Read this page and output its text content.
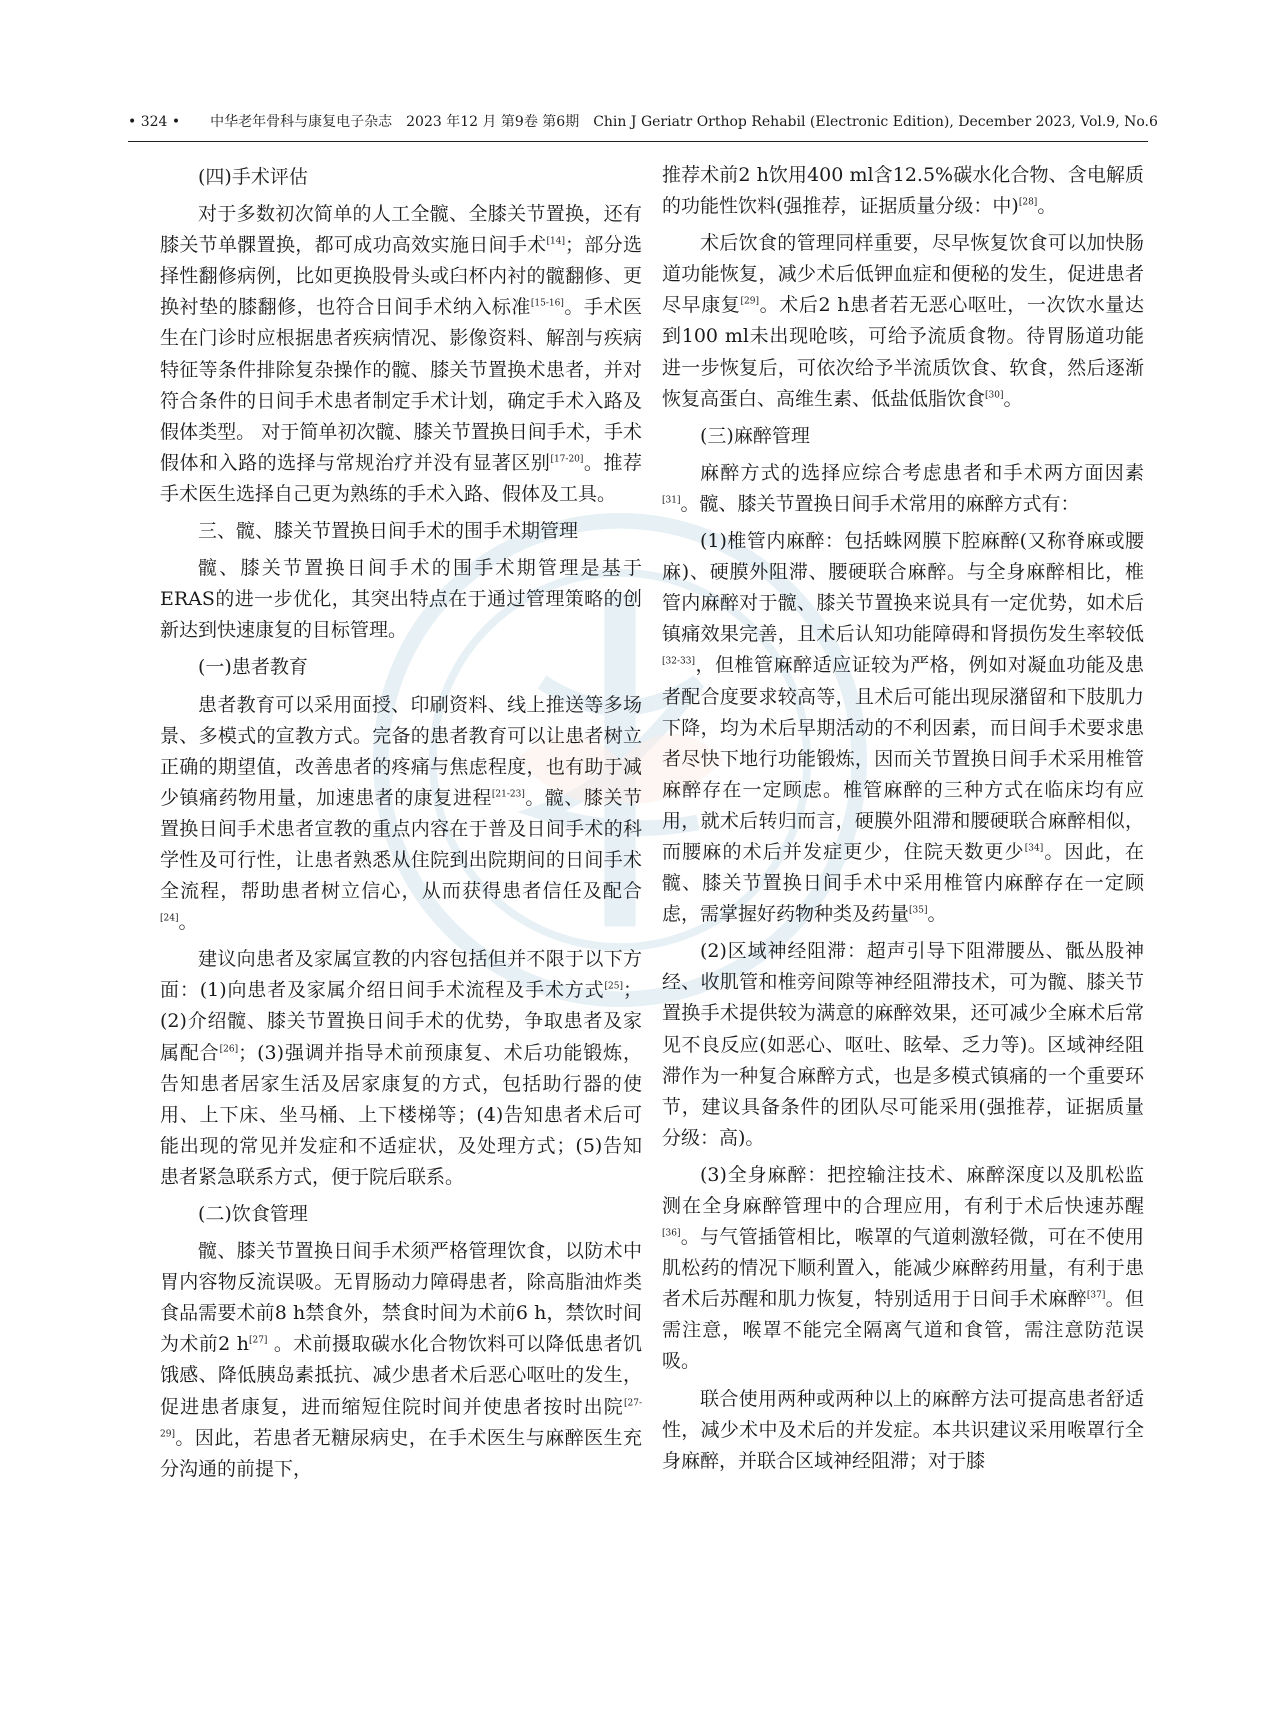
• 324 • 中华老年骨科与康复电子杂志 2023 年12 月 第9卷 第6期 Chin J Geriatr Orthop Rehabil (Electronic Edition), December 2023, Vol.9, No.6

(四)手术评估

对于多数初次简单的人工全髋、全膝关节置换，还有膝关节单髁置换，都可成功高效实施日间手术[14]；部分选择性翻修病例，比如更换股骨头或臼杯内衬的髋翻修、更换衬垫的膝翻修，也符合日间手术纳入标准[15-16]。手术医生在门诊时应根据患者疾病情况、影像资料、解剖与疾病特征等条件排除复杂操作的髋、膝关节置换术患者，并对符合条件的日间手术患者制定手术计划，确定手术入路及假体类型。 对于简单初次髋、膝关节置换日间手术，手术假体和入路的选择与常规治疗并没有显著区别[17-20]。推荐手术医生选择自己更为熟练的手术入路、假体及工具。

三、髋、膝关节置换日间手术的围手术期管理

髋、膝关节置换日间手术的围手术期管理是基于ERAS的进一步优化，其突出特点在于通过管理策略的创新达到快速康复的目标管理。

(一)患者教育

患者教育可以采用面授、印刷资料、线上推送等多场景、多模式的宣教方式。完备的患者教育可以让患者树立正确的期望值，改善患者的疼痛与焦虑程度，也有助于减少镇痛药物用量，加速患者的康复进程[21-23]。髋、膝关节置换日间手术患者宣教的重点内容在于普及日间手术的科学性及可行性，让患者熟悉从住院到出院期间的日间手术全流程，帮助患者树立信心，从而获得患者信任及配合[24]。

建议向患者及家属宣教的内容包括但并不限于以下方面：(1)向患者及家属介绍日间手术流程及手术方式[25]；(2)介绍髋、膝关节置换日间手术的优势，争取患者及家属配合[26]；(3)强调并指导术前预康复、术后功能锻炼，告知患者居家生活及居家康复的方式，包括助行器的使用、上下床、坐马桶、上下楼梯等；(4)告知患者术后可能出现的常见并发症和不适症状，及处理方式；(5)告知患者紧急联系方式，便于院后联系。

(二)饮食管理

髋、膝关节置换日间手术须严格管理饮食，以防术中胃内容物反流误吸。无胃肠动力障碍患者，除高脂油炸类食品需要术前8 h禁食外，禁食时间为术前6 h，禁饮时间为术前2 h[27] 。术前摄取碳水化合物饮料可以降低患者饥饿感、降低胰岛素抵抗、减少患者术后恶心呕吐的发生，促进患者康复，进而缩短住院时间并使患者按时出院[27-29]。因此，若患者无糖尿病史，在手术医生与麻醉医生充分沟通的前提下，

推荐术前2 h饮用400 ml含12.5%碳水化合物、含电解质的功能性饮料(强推荐，证据质量分级：中)[28]。

术后饮食的管理同样重要，尽早恢复饮食可以加快肠道功能恢复，减少术后低钾血症和便秘的发生，促进患者尽早康复[29]。术后2 h患者若无恶心呕吐，一次饮水量达到100 ml未出现呛咳，可给予流质食物。待胃肠道功能进一步恢复后，可依次给予半流质饮食、软食，然后逐渐恢复高蛋白、高维生素、低盐低脂饮食[30]。

(三)麻醉管理

麻醉方式的选择应综合考虑患者和手术两方面因素[31]。髋、膝关节置换日间手术常用的麻醉方式有：

(1)椎管内麻醉：包括蛛网膜下腔麻醉(又称脊麻或腰麻)、硬膜外阻滞、腰硬联合麻醉。与全身麻醉相比，椎管内麻醉对于髋、膝关节置换来说具有一定优势，如术后镇痛效果完善，且术后认知功能障碍和肾损伤发生率较低[32-33]，但椎管麻醉适应证较为严格，例如对凝血功能及患者配合度要求较高等，且术后可能出现尿潴留和下肢肌力下降，均为术后早期活动的不利因素，而日间手术要求患者尽快下地行功能锻炼，因而关节置换日间手术采用椎管麻醉存在一定顾虑。椎管麻醉的三种方式在临床均有应用，就术后转归而言，硬膜外阻滞和腰硬联合麻醉相似，而腰麻的术后并发症更少，住院天数更少[34]。因此，在髋、膝关节置换日间手术中采用椎管内麻醉存在一定顾虑，需掌握好药物种类及药量[35]。

(2)区域神经阻滞：超声引导下阻滞腰丛、骶丛股神经、收肌管和椎旁间隙等神经阻滞技术，可为髋、膝关节置换手术提供较为满意的麻醉效果，还可减少全麻术后常见不良反应(如恶心、呕吐、眩晕、乏力等)。区域神经阻滞作为一种复合麻醉方式，也是多模式镇痛的一个重要环节，建议具备条件的团队尽可能采用(强推荐，证据质量分级：高)。

(3)全身麻醉：把控输注技术、麻醉深度以及肌松监测在全身麻醉管理中的合理应用，有利于术后快速苏醒[36]。与气管插管相比，喉罩的气道刺激轻微，可在不使用肌松药的情况下顺利置入，能减少麻醉药用量，有利于患者术后苏醒和肌力恢复，特别适用于日间手术麻醉[37]。但需注意，喉罩不能完全隔离气道和食管，需注意防范误吸。

联合使用两种或两种以上的麻醉方法可提高患者舒适性，减少术中及术后的并发症。本共识建议采用喉罩行全身麻醉，并联合区域神经阻滞；对于膝
